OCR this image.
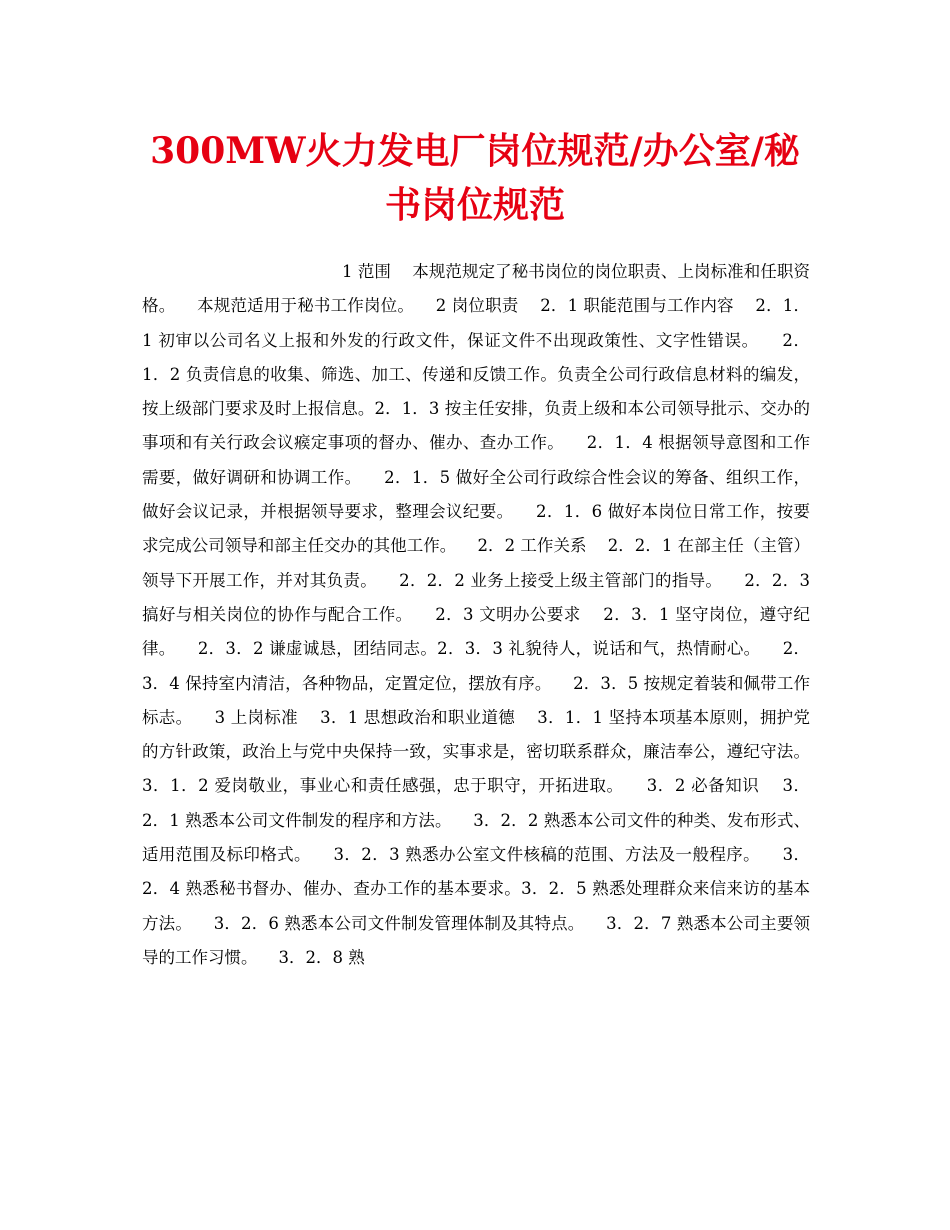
300MW火力发电厂岗位规范/办公室/秘书岗位规范

1 范围    本规范规定了秘书岗位的岗位职责、上岗标准和任职资格。    本规范适用于秘书工作岗位。    2 岗位职责    2．1 职能范围与工作内容    2．1．1 初审以公司名义上报和外发的行政文件，保证文件不出现政策性、文字性错误。    2．1．2 负责信息的收集、筛选、加工、传递和反馈工作。负责全公司行政信息材料的编发，按上级部门要求及时上报信息。2．1．3 按主任安排，负责上级和本公司领导批示、交办的事项和有关行政会议瘊定事项的督办、催办、查办工作。    2．1．4 根据领导意图和工作需要，做好调研和协调工作。    2．1．5 做好全公司行政综合性会议的筹备、组织工作，做好会议记录，并根据领导要求，整理会议纪要。    2．1．6 做好本岗位日常工作，按要求完成公司领导和部主任交办的其他工作。    2．2 工作关系    2．2．1 在部主任（主管）领导下开展工作，并对其负责。    2．2．2 业务上接受上级主管部门的指导。    2．2．3 搞好与相关岗位的协作与配合工作。    2．3 文明办公要求    2．3．1 坚守岗位，遵守纪律。    2．3．2 谦虚诚恳，团结同志。2．3．3 礼貌待人，说话和气，热情耐心。    2．3．4 保持室内清洁，各种物品，定置定位，摆放有序。    2．3．5 按规定着装和佩带工作标志。    3 上岗标准    3．1 思想政治和职业道德    3．1．1 坚持本项基本原则，拥护党的方针政策，政治上与党中央保持一致，实事求是，密切联系群众，廉洁奉公，遵纪守法。3．1．2 爱岗敬业，事业心和责任感强，忠于职守，开拓进取。    3．2 必备知识    3．2．1 熟悉本公司文件制发的程序和方法。    3．2．2 熟悉本公司文件的种类、发布形式、适用范围及标印格式。    3．2．3 熟悉办公室文件核稿的范围、方法及一般程序。    3．2．4 熟悉秘书督办、催办、查办工作的基本要求。3．2．5 熟悉处理群众来信来访的基本方法。    3．2．6 熟悉本公司文件制发管理体制及其特点。    3．2．7 熟悉本公司主要领导的工作习惯。    3．2．8 熟
